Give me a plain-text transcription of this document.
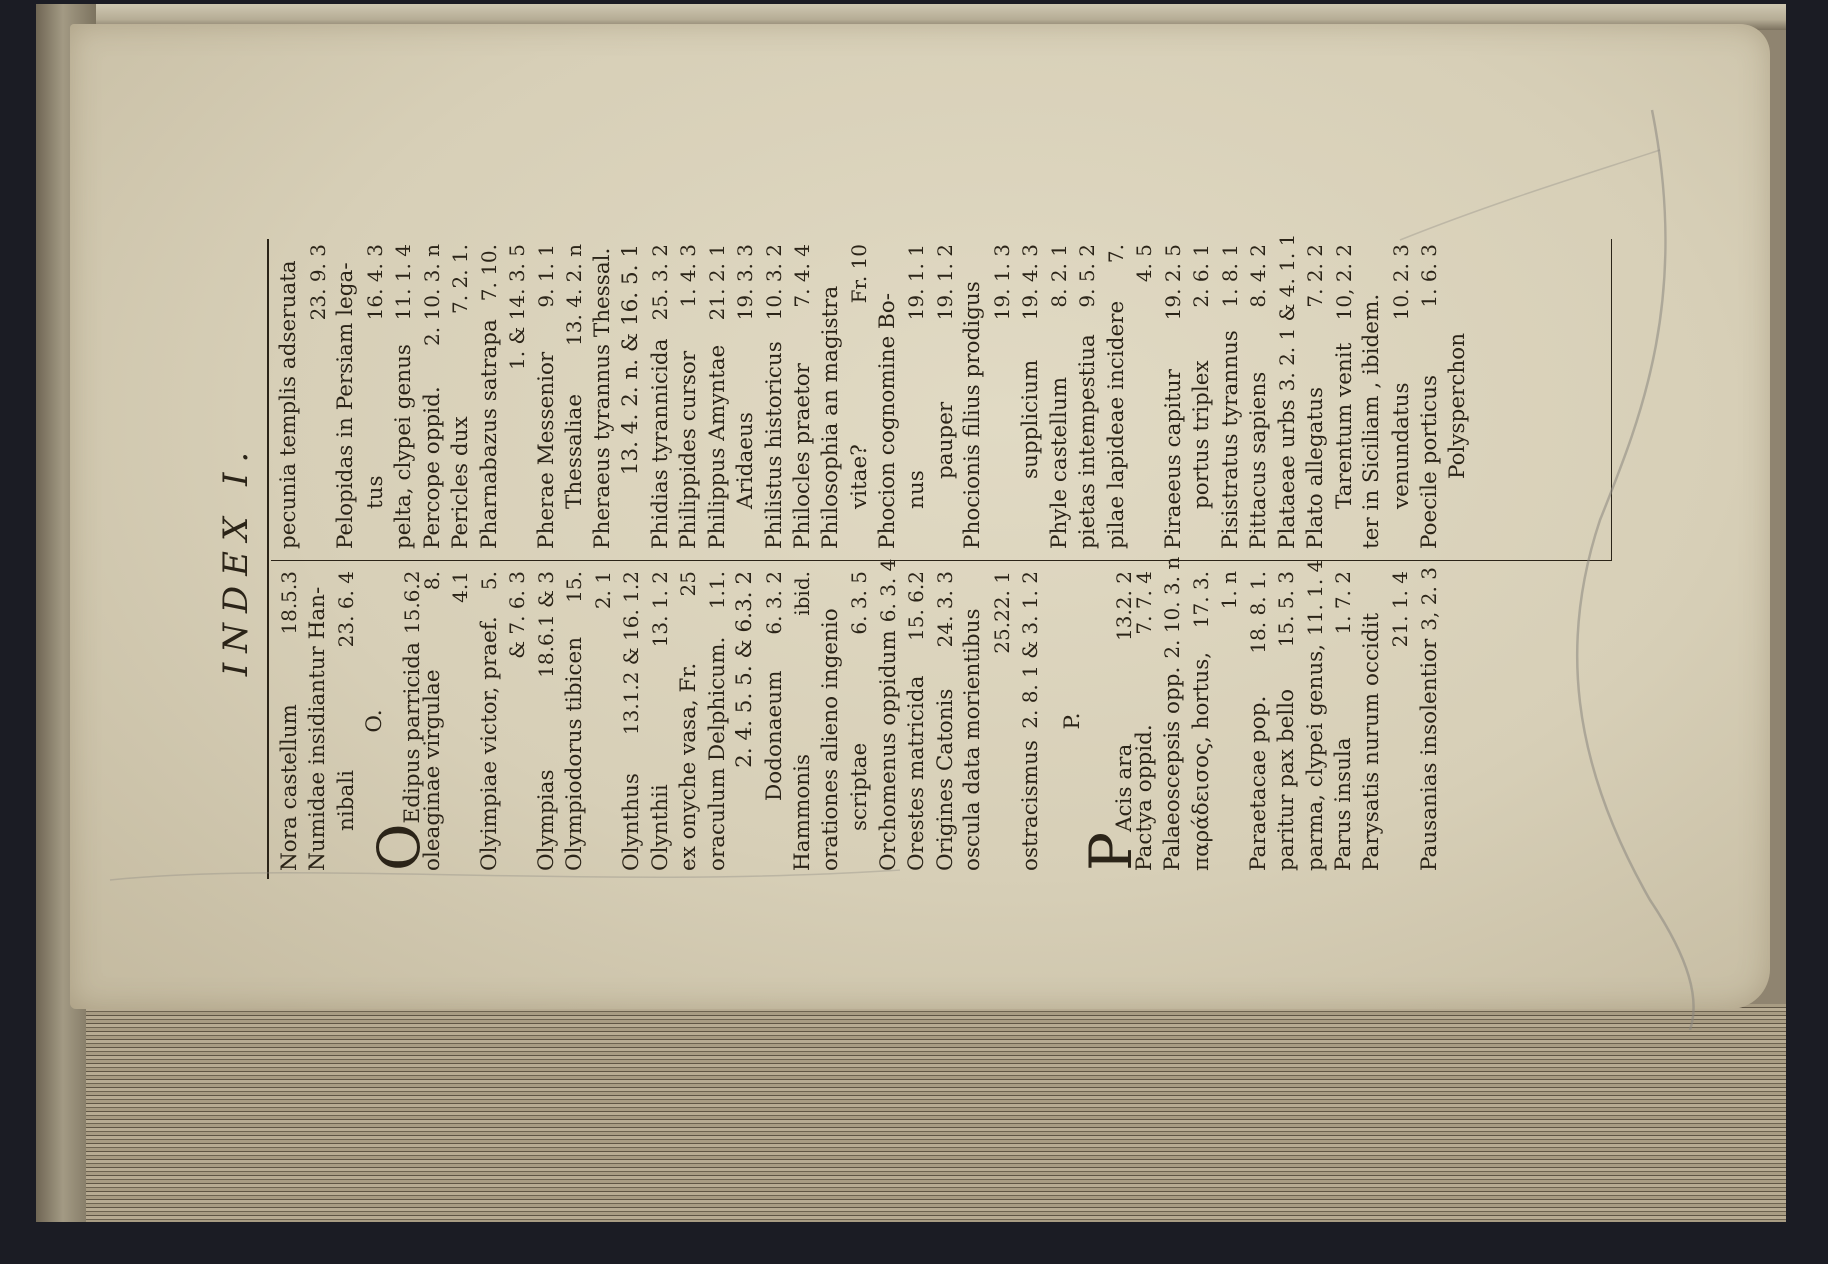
INDEX I.
Nora castellum
18.5.3 Numidae insidiantur Han- nibali
23. 6. 4
O.
OEdipus parricida
15.6.2
oleaginae virgulae
8. 4.1
Olyimpiae victor, praef.
5. & 7. 6. 3
Olympias
18.6.1 & 3
Olympiodorus tibicen
15. 2. 1
Olynthus
13.1.2 & 16. 1.2
Olynthii
13. 1. 2
ex onyche vasa, Fr.
25
oraculum Delphicum.
1.1. 2. 4. 5. 5. & 6.3. 2 Dodonaeum
6. 3. 2
Hammonis
ibid.
orationes alieno ingenio scriptae
6. 3. 5
Orchomenus oppidum
6. 3. 4
Orestes matricida
15. 6.2
Origines Catonis
24. 3. 3 oscula data morientibus 25.22. 1
ostracismus
2. 8. 1 & 3. 1. 2 P.
PAcis ara
13.2. 2
Pactya oppid.
7. 7. 4
Palaeoscepsis opp.
2. 10. 3. n
παράδεισος, hortus,
17. 3. 1. n
Paraetacae pop.
18. 8. 1.
paritur pax bello
15. 5. 3
parma, clypei genus,
11. 1. 4
Parus insula
1. 7. 2
Parysatis nurum occidit
21. 1. 4
Pausanias insolentior
3, 2. 3
pecunia templis adseruata 23. 9. 3 Pelopidas in Persiam lega- tus
16. 4. 3
pelta, clypei genus
11. 1. 4
Percope oppid.
2. 10. 3. n
Pericles dux
7. 2. 1.
Pharnabazus satrapa
7. 10. 1. & 14. 3. 5
Pherae Messenior
9. 1. 1
Thessaliae
13. 4. 2. n Pheraeus tyrannus Thessal. 13. 4. 2. n. & 16. 5. 1 Phidias tyrannicida
25. 3. 2
Philippides cursor
1. 4. 3
Philippus Amyntae
21. 2. 1
Aridaeus
19. 3. 3
Philistus historicus
10. 3. 2
Philocles praetor
7. 4. 4
Philosophia an magistra vitae?
Fr. 10
Phocion cognomine Bo- nus
19. 1. 1
pauper
19. 1. 2 Phocionis filius prodigus 19. 1. 3
supplicium
19. 4. 3
Phyle castellum
8. 2. 1
pietas intempestiua
9. 5. 2
pilae lapideae incidere
7. 4. 5
Piraeeus capitur
19. 2. 5
portus triplex
2. 6. 1
Pisistratus tyrannus
1. 8. 1
Pittacus sapiens
8. 4. 2
Plataeae urbs
3. 2. 1 & 4. 1. 1
Plato allegatus
7. 2. 2
Tarentum venit
10, 2. 2
ter in Siciliam , ibidem. venundatus
10. 2. 3
Poecile porticus
1. 6. 3
Polysperchon
